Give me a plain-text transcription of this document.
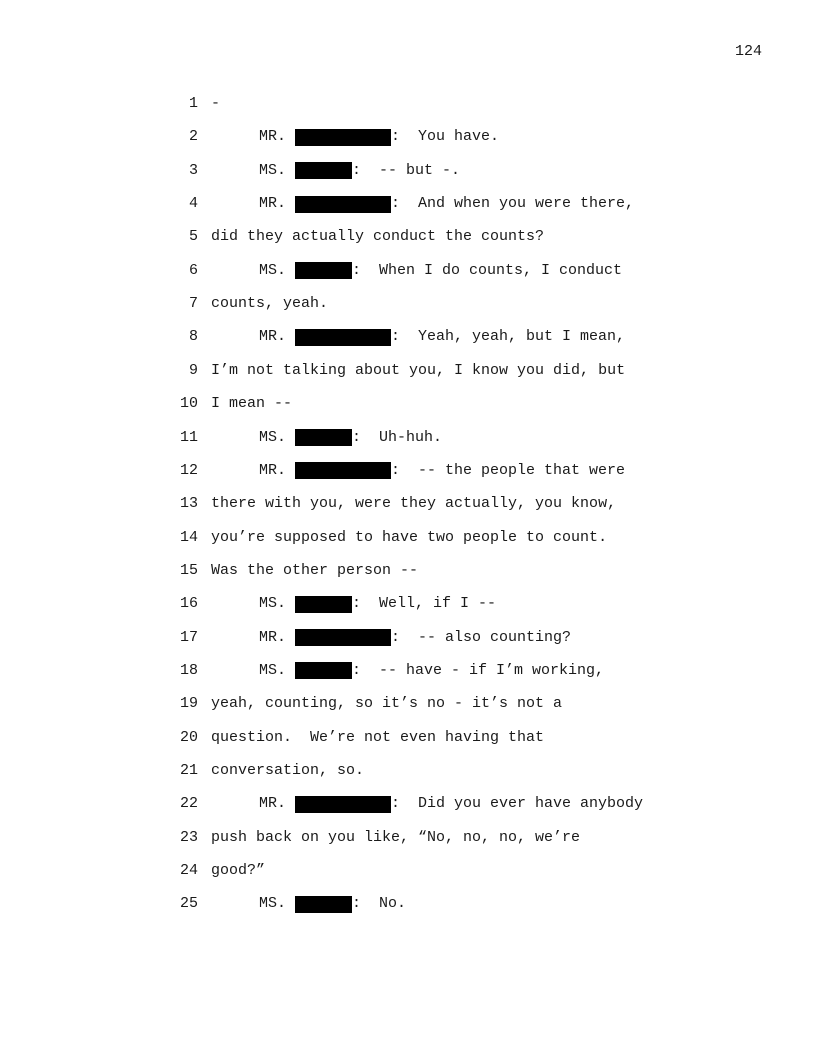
124
1 -
2	MR.	:  You have.
3	MS.	:  -- but -.
4	MR.	:  And when you were there,
5 did they actually conduct the counts?
6	MS.	:  When I do counts, I conduct
7 counts, yeah.
8	MR.	:  Yeah, yeah, but I mean,
9 I’m not talking about you, I know you did, but
10 I mean --
11	MS.	:  Uh-huh.
12	MR.	:  -- the people that were
13 there with you, were they actually, you know,
14 you’re supposed to have two people to count.
15 Was the other person --
16	MS.	:  Well, if I --
17	MR.	:  -- also counting?
18	MS.	:  -- have - if I’m working,
19 yeah, counting, so it’s no - it’s not a
20 question.  We’re not even having that
21 conversation, so.
22	MR.	:  Did you ever have anybody
23 push back on you like, “No, no, no, we’re
24 good?”
25	MS.	:  No.
